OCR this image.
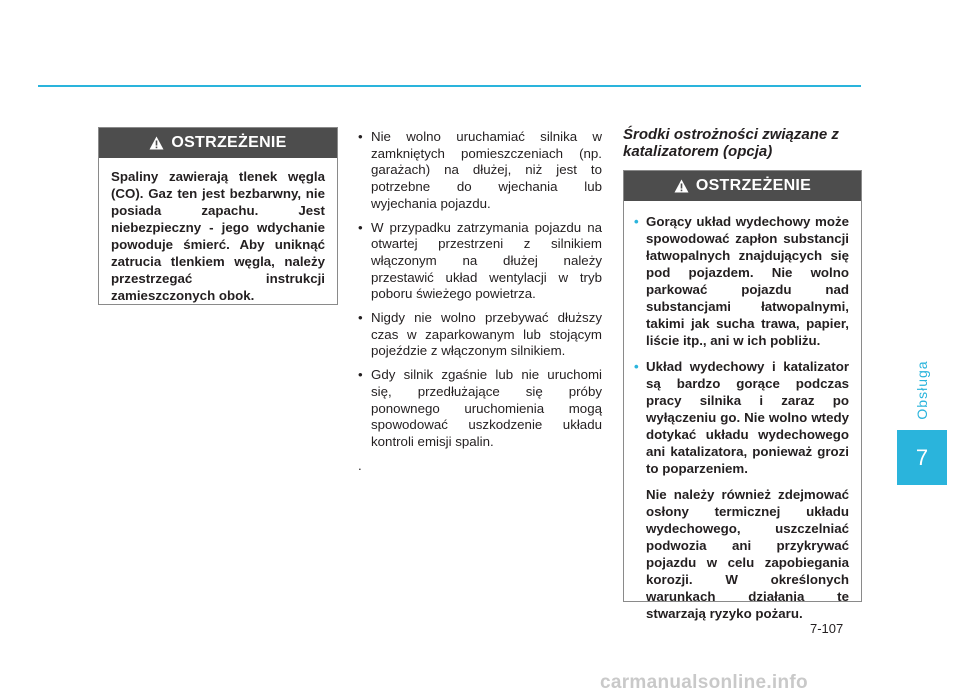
Obsługa
7
OSTRZEŻENIE
Spaliny zawierają tlenek węgla (CO). Gaz ten jest bezbarwny, nie posiada zapachu. Jest niebezpieczny - jego wdychanie powoduje śmierć. Aby uniknąć zatrucia tlenkiem węgla, należy przestrzegać instrukcji zamieszczonych obok.
• Nie wolno uruchamiać silnika w zamkniętych pomieszczeniach (np. garażach) na dłużej, niż jest to potrzebne do wjechania lub wyjechania pojazdu.
• W przypadku zatrzymania pojazdu na otwartej przestrzeni z silnikiem włączonym na dłużej należy przestawić układ wentylacji w tryb poboru świeżego powietrza.
• Nigdy nie wolno przebywać dłuższy czas w zaparkowanym lub stojącym pojeździe z włączonym silnikiem.
• Gdy silnik zgaśnie lub nie uruchomi się, przedłużające się próby ponownego uruchomienia mogą spowodować uszkodzenie układu kontroli emisji spalin.
.
Środki ostrożności związane z katalizatorem (opcja)
OSTRZEŻENIE
• Gorący układ wydechowy może spowodować zapłon substancji łatwopalnych znajdujących się pod pojazdem. Nie wolno parkować pojazdu nad substancjami łatwopalnymi, takimi jak sucha trawa, papier, liście itp., ani w ich pobliżu.
• Układ wydechowy i katalizator są bardzo gorące podczas pracy silnika i zaraz po wyłączeniu go. Nie wolno wtedy dotykać układu wydechowego ani katalizatora, ponieważ grozi to poparzeniem.
Nie należy również zdejmować osłony termicznej układu wydechowego, uszczelniać podwozia ani przykrywać pojazdu w celu zapobiegania korozji. W określonych warunkach działania te stwarzają ryzyko pożaru.
7-107
carmanualsonline.info
